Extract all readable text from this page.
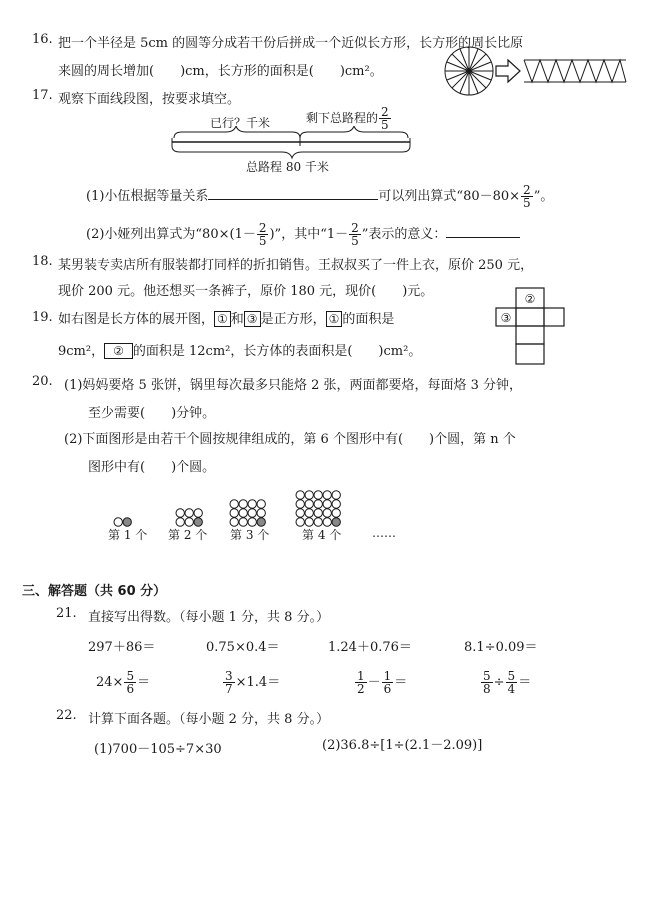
16. 把一个半径是 5cm 的圆等分成若干份后拼成一个近似长方形，长方形的周长比原
来圆的周长增加(　　)cm，长方形的面积是(　　)cm²。
17. 观察下面线段图，按要求填空。
已行？千米	剩下总路程的 $\frac{2}{5}$
总路程 80 千米
(1)小伍根据等量关系	可以列出算式“$80-80\times \frac{2}{5}$ ”。
(2)小娅列出算式为“$80\times(1- \frac{2}{5}$ )”，其中“$1- \frac{2}{5}$ ”表示的意义：
18. 某男装专卖店所有服装都打同样的折扣销售。王叔叔买了一件上衣，原价 250 元，
现价 200 元。他还想买一条裤子，原价 180 元，现价(　　)元。
19. 如右图是长方体的展开图， ① 和 ③ 是正方形， ① 的面积是
9cm²， ② 的面积是 12cm²，长方体的表面积是(　　)cm²。
②
③
20. (1)妈妈要烙 5 张饼，锅里每次最多只能烙 2 张，两面都要烙，每面烙 3 分钟，
至少需要(　　)分钟。
(2)下面图形是由若干个圆按规律组成的，第 6 个图形中有(　　)个圆，第 n 个
图形中有(　　)个圆。
第 1 个 第 2 个 第 3 个	第 4 个	……
三、解答题（共 60 分）
21. 直接写出得数。（每小题 1 分，共 8 分。）
297＋86＝	0.75×0.4＝	1.24＋0.76＝	8.1÷0.09＝
$24\times \frac{5}{6}$ ＝	$\frac{3}{7} \times 1.4=$	$\frac{1}{2} - \frac{1}{6}$ ＝	$\frac{5}{8} \div \frac{5}{4}$ ＝
22. 计算下面各题。（每小题 2 分，共 8 分。）
(1)700－105÷7×30	(2)36.8÷[1÷(2.1－2.09)]
